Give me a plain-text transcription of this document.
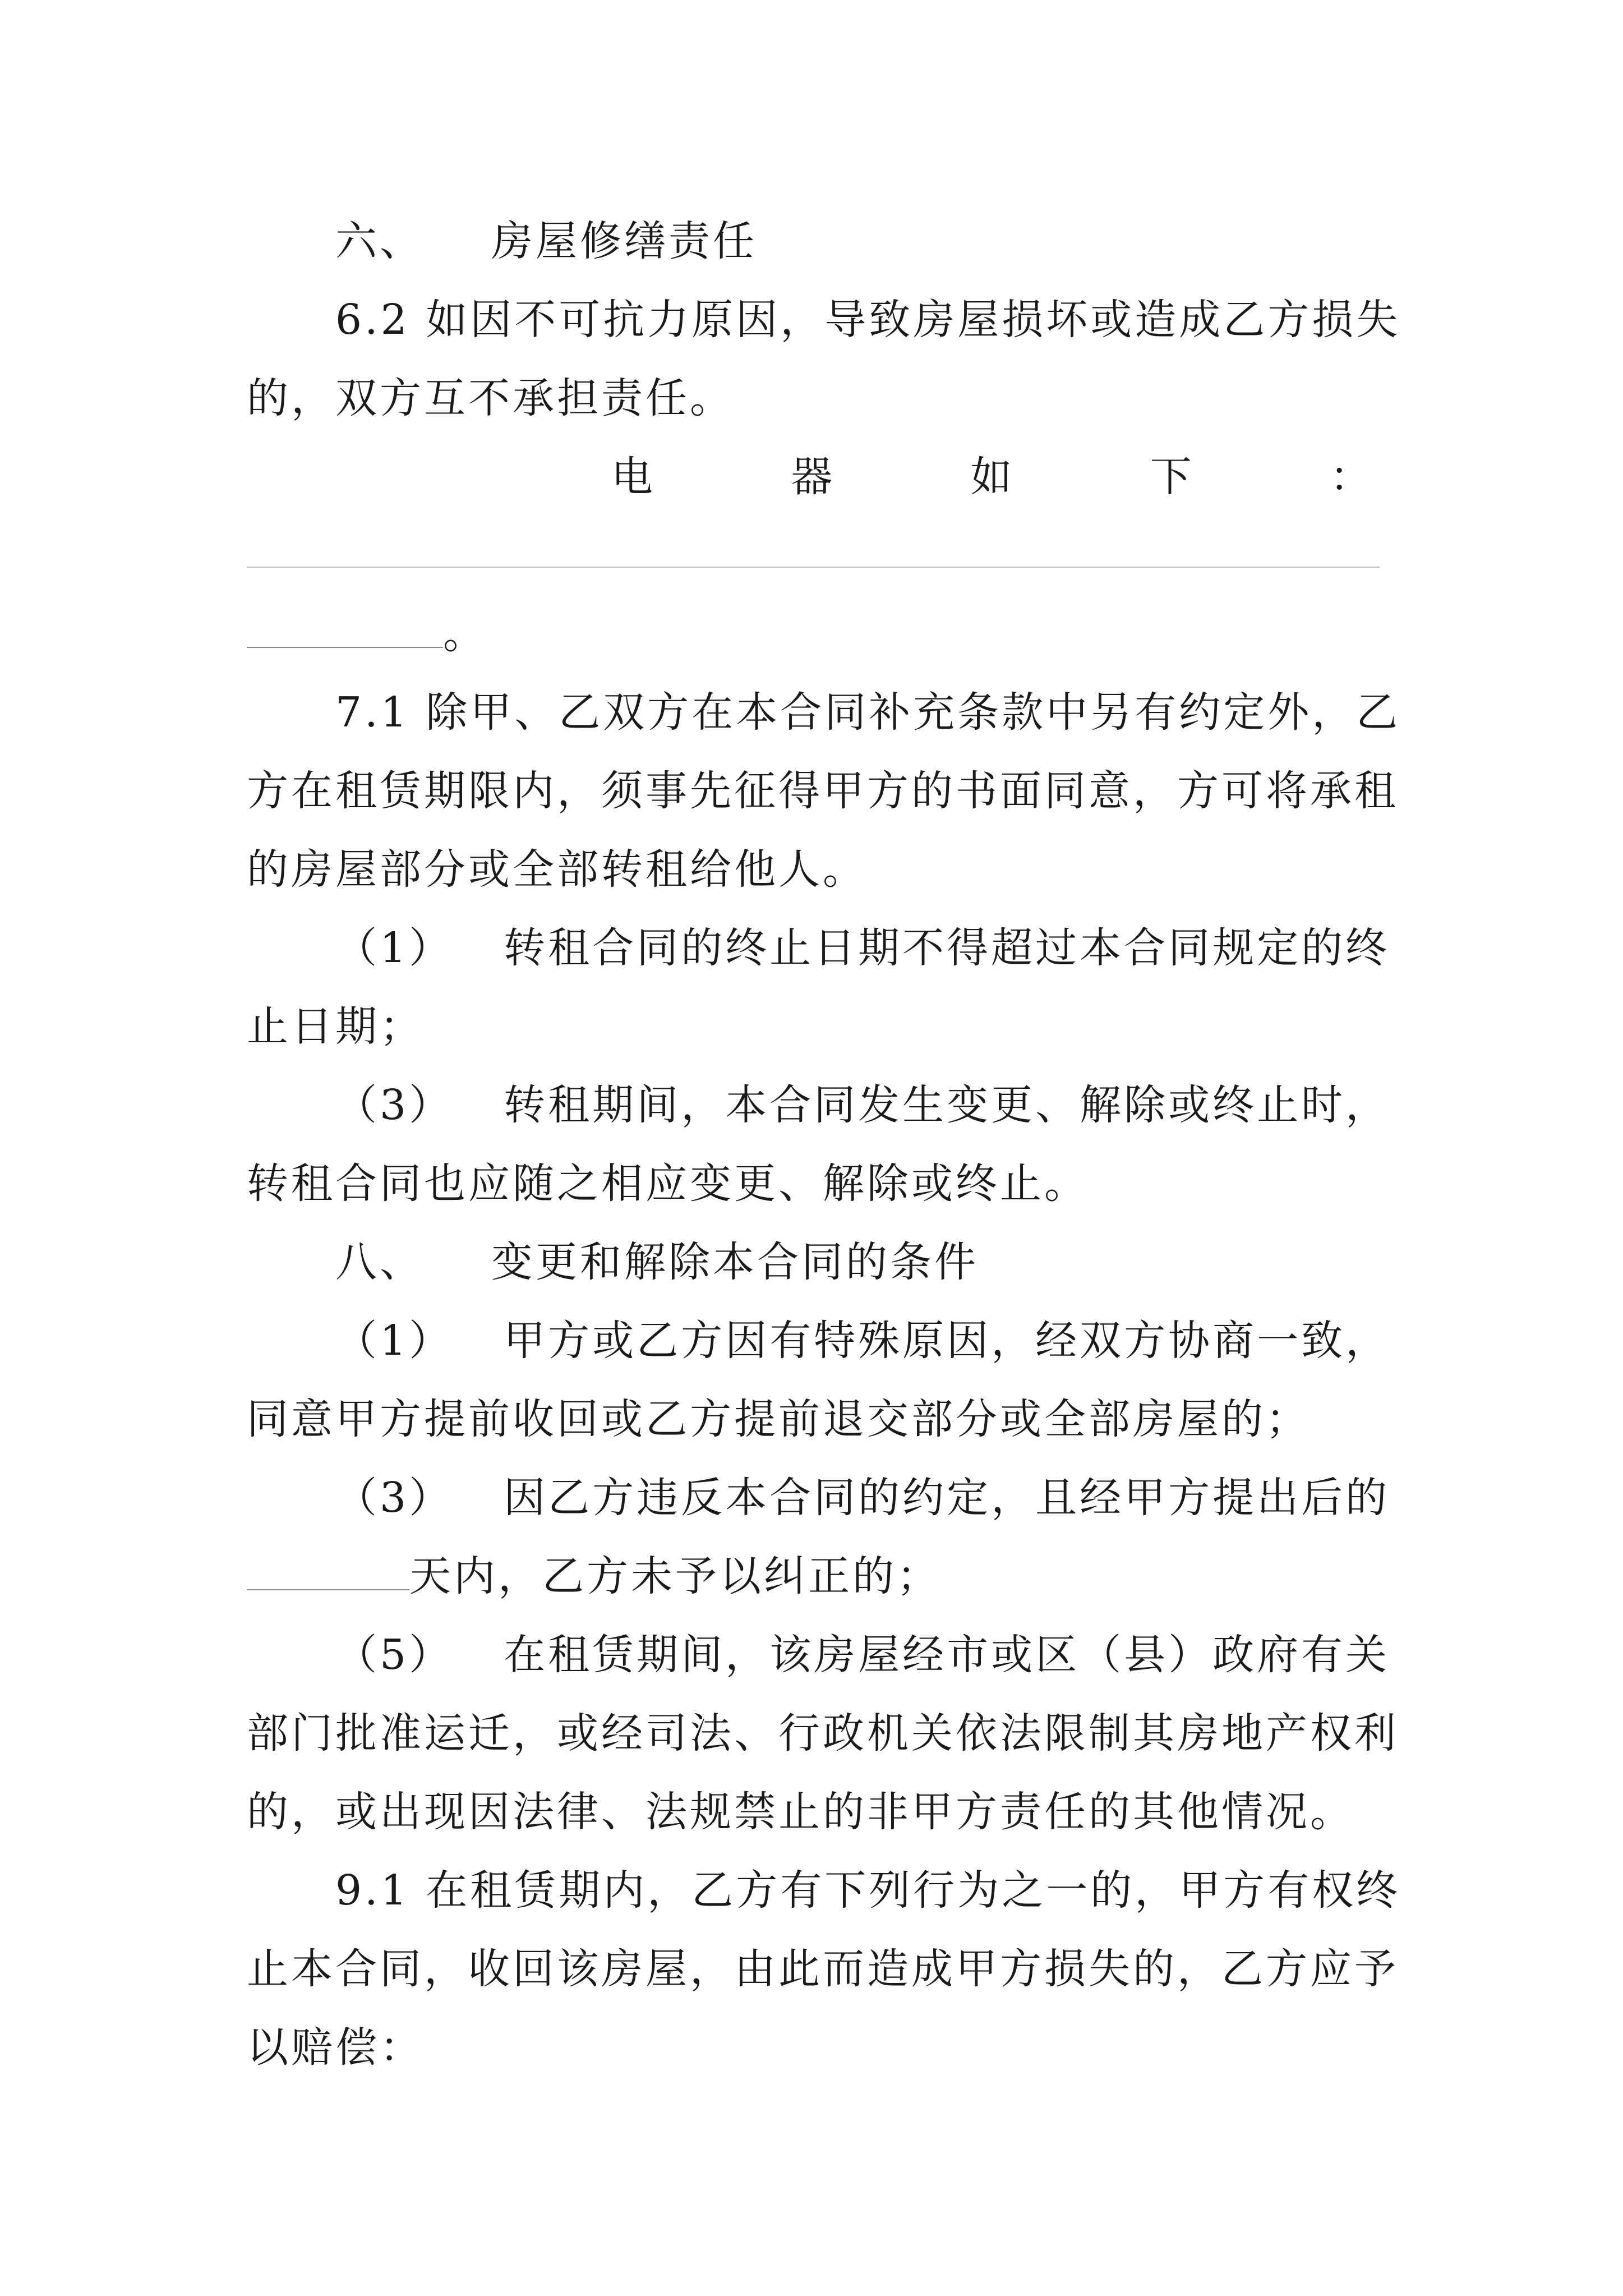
六、 房屋修缮责任
6.2 如因不可抗力原因，导致房屋损坏或造成乙方损失
的，双方互不承担责任。
电	器	如	下	：
。
7.1 除甲、乙双方在本合同补充条款中另有约定外，乙
方在租赁期限内，须事先征得甲方的书面同意，方可将承租
的房屋部分或全部转租给他人。
（1） 转租合同的终止日期不得超过本合同规定的终
止日期；
（3） 转租期间，本合同发生变更、解除或终止时，
转租合同也应随之相应变更、解除或终止。
八、 变更和解除本合同的条件
（1） 甲方或乙方因有特殊原因，经双方协商一致，
同意甲方提前收回或乙方提前退交部分或全部房屋的；
（3） 因乙方违反本合同的约定，且经甲方提出后的
天内，乙方未予以纠正的；
（5） 在租赁期间，该房屋经市或区（县）政府有关
部门批准运迁，或经司法、行政机关依法限制其房地产权利
的，或出现因法律、法规禁止的非甲方责任的其他情况。
9.1 在租赁期内，乙方有下列行为之一的，甲方有权终
止本合同，收回该房屋，由此而造成甲方损失的，乙方应予
以赔偿：
